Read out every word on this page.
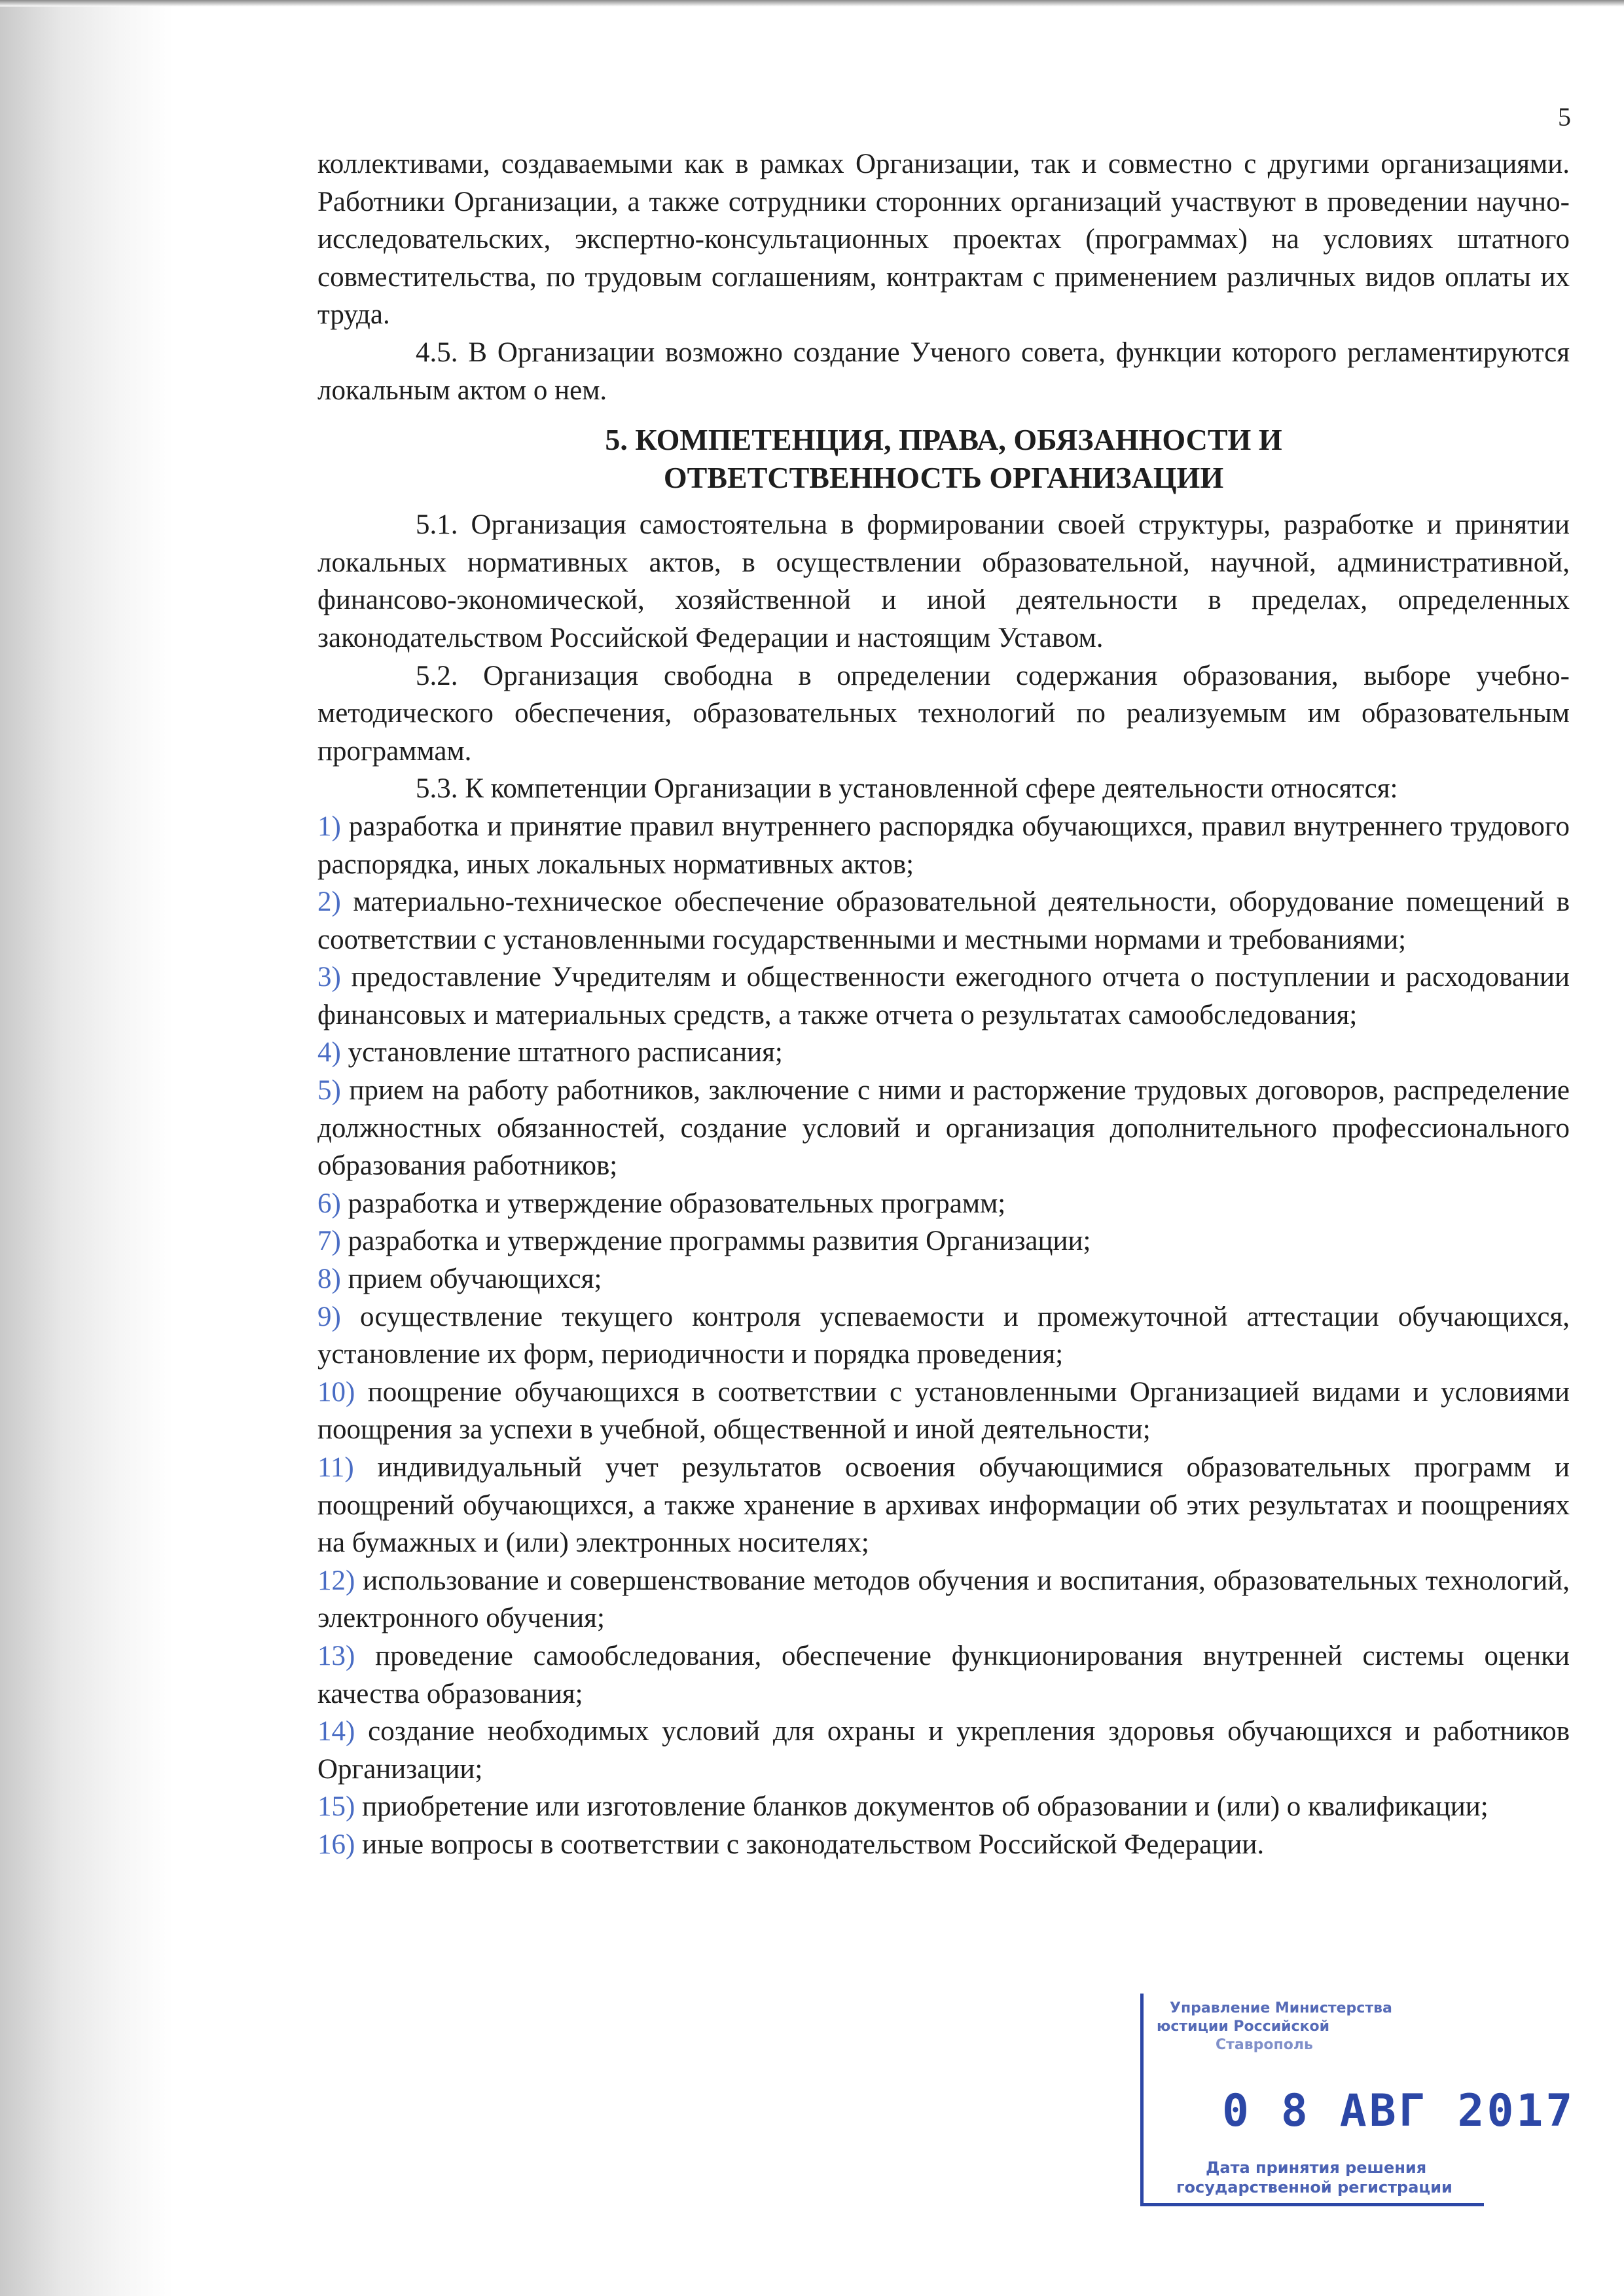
5

коллективами, создаваемыми как в рамках Организации, так и совместно с другими организациями. Работники Организации, а также сотрудники сторонних организаций участвуют в проведении научно-исследовательских, экспертно-консультационных проектах (программах) на условиях штатного совместительства, по трудовым соглашениям, контрактам с применением различных видов оплаты их труда.

4.5. В Организации возможно создание Ученого совета, функции которого регламентируются локальным актом о нем.

5. КОМПЕТЕНЦИЯ, ПРАВА, ОБЯЗАННОСТИ И
ОТВЕТСТВЕННОСТЬ ОРГАНИЗАЦИИ

5.1. Организация самостоятельна в формировании своей структуры, разработке и принятии локальных нормативных актов, в осуществлении образовательной, научной, административной, финансово-экономической, хозяйственной и иной деятельности в пределах, определенных законодательством Российской Федерации и настоящим Уставом.

5.2. Организация свободна в определении содержания образования, выборе учебно-методического обеспечения, образовательных технологий по реализуемым им образовательным программам.

5.3. К компетенции Организации в установленной сфере деятельности относятся:

1) разработка и принятие правил внутреннего распорядка обучающихся, правил внутреннего трудового распорядка, иных локальных нормативных актов;

2) материально-техническое обеспечение образовательной деятельности, оборудование помещений в соответствии с установленными государственными и местными нормами и требованиями;

3) предоставление Учредителям и общественности ежегодного отчета о поступлении и расходовании финансовых и материальных средств, а также отчета о результатах самообследования;

4) установление штатного расписания;

5) прием на работу работников, заключение с ними и расторжение трудовых договоров, распределение должностных обязанностей, создание условий и организация дополнительного профессионального образования работников;

6) разработка и утверждение образовательных программ;

7) разработка и утверждение программы развития Организации;

8) прием обучающихся;

9) осуществление текущего контроля успеваемости и промежуточной аттестации обучающихся, установление их форм, периодичности и порядка проведения;

10) поощрение обучающихся в соответствии с установленными Организацией видами и условиями поощрения за успехи в учебной, общественной и иной деятельности;

11) индивидуальный учет результатов освоения обучающимися образовательных программ и поощрений обучающихся, а также хранение в архивах информации об этих результатах и поощрениях на бумажных и (или) электронных носителях;

12) использование и совершенствование методов обучения и воспитания, образовательных технологий, электронного обучения;

13) проведение самообследования, обеспечение функционирования внутренней системы оценки качества образования;

14) создание необходимых условий для охраны и укрепления здоровья обучающихся и работников Организации;

15) приобретение или изготовление бланков документов об образовании и (или) о квалификации;

16) иные вопросы в соответствии с законодательством Российской Федерации.

Управление Министерства
юстиции Российской
Ставрополь
0 8 АВГ 2017
Дата принятия решения
государственной регистрации
